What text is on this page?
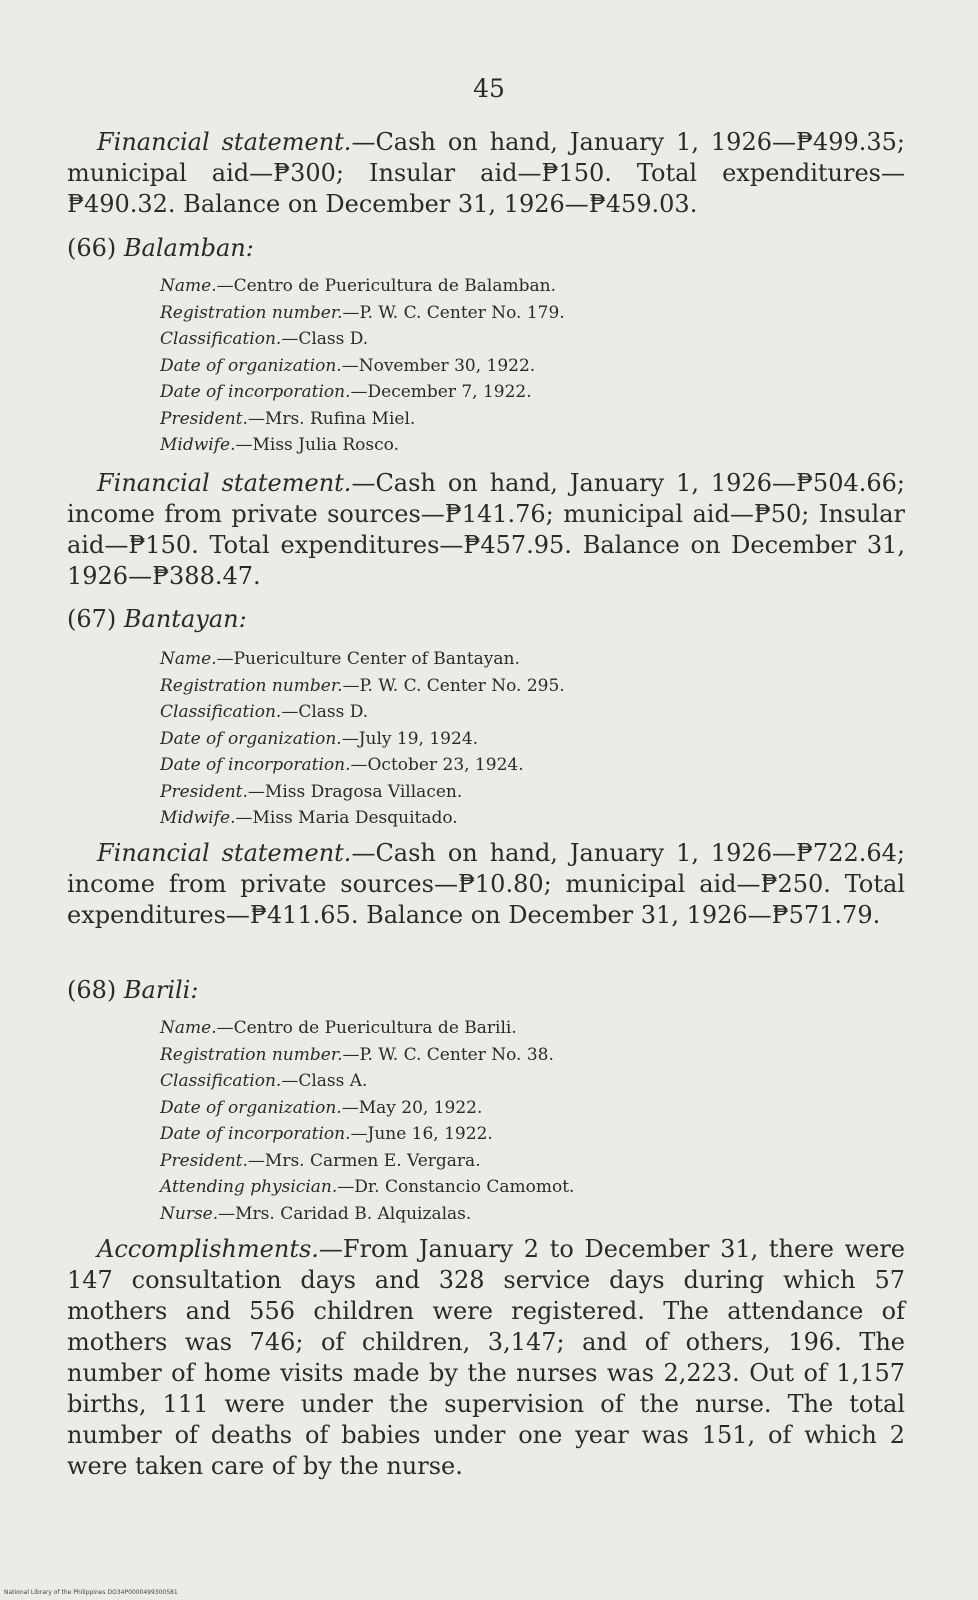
45

Financial statement.—Cash on hand, January 1, 1926—₱499.35; municipal aid—₱300; Insular aid—₱150. Total expenditures—₱490.32. Balance on December 31, 1926—₱459.03.

(66) Balamban:
Name.—Centro de Puericultura de Balamban.
Registration number.—P. W. C. Center No. 179.
Classification.—Class D.
Date of organization.—November 30, 1922.
Date of incorporation.—December 7, 1922.
President.—Mrs. Rufina Miel.
Midwife.—Miss Julia Rosco.

Financial statement.—Cash on hand, January 1, 1926—₱504.66; income from private sources—₱141.76; municipal aid—₱50; Insular aid—₱150. Total expenditures—₱457.95. Balance on December 31, 1926—₱388.47.

(67) Bantayan:
Name.—Puericulture Center of Bantayan.
Registration number.—P. W. C. Center No. 295.
Classification.—Class D.
Date of organization.—July 19, 1924.
Date of incorporation.—October 23, 1924.
President.—Miss Dragosa Villacen.
Midwife.—Miss Maria Desquitado.

Financial statement.—Cash on hand, January 1, 1926—₱722.64; income from private sources—₱10.80; municipal aid—₱250. Total expenditures—₱411.65. Balance on December 31, 1926—₱571.79.

(68) Barili:
Name.—Centro de Puericultura de Barili.
Registration number.—P. W. C. Center No. 38.
Classification.—Class A.
Date of organization.—May 20, 1922.
Date of incorporation.—June 16, 1922.
President.—Mrs. Carmen E. Vergara.
Attending physician.—Dr. Constancio Camomot.
Nurse.—Mrs. Caridad B. Alquizalas.

Accomplishments.—From January 2 to December 31, there were 147 consultation days and 328 service days during which 57 mothers and 556 children were registered. The attendance of mothers was 746; of children, 3,147; and of others, 196. The number of home visits made by the nurses was 2,223. Out of 1,157 births, 111 were under the supervision of the nurse. The total number of deaths of babies under one year was 151, of which 2 were taken care of by the nurse.

National Library of the Philippines DO34P0000499300581
